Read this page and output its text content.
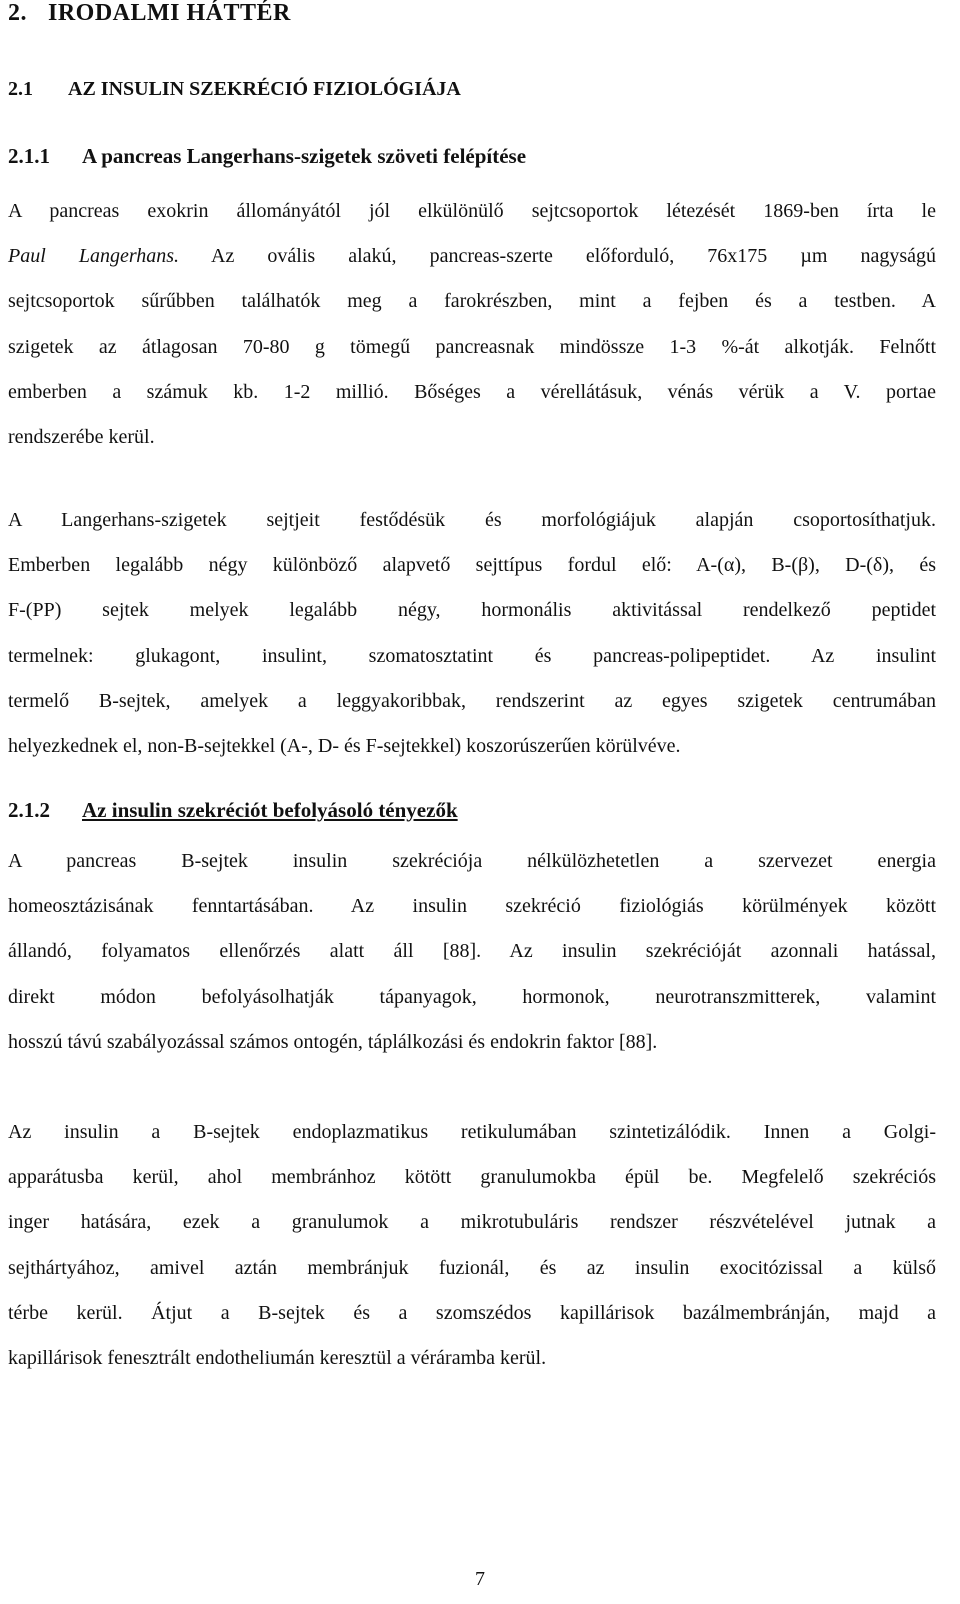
2. IRODALMI HÁTTÉR
2.1 AZ INSULIN SZEKRÉCIÓ FIZIOLÓGIÁJA
2.1.1 A pancreas Langerhans-szigetek szöveti felépítése
A pancreas exokrin állományától jól elkülönülő sejtcsoportok létezését 1869-ben írta le
Paul Langerhans. Az ovális alakú, pancreas-szerte előforduló, 76x175 µm nagyságú
sejtcsoportok sűrűbben találhatók meg a farokrészben, mint a fejben és a testben. A
szigetek az átlagosan 70-80 g tömegű pancreasnak mindössze 1-3 %-át alkotják. Felnőtt
emberben a számuk kb. 1-2 millió. Bőséges a vérellátásuk, vénás vérük a V. portae
rendszerébe kerül.
A Langerhans-szigetek sejtjeit festődésük és morfológiájuk alapján csoportosíthatjuk.
Emberben legalább négy különböző alapvető sejttípus fordul elő: A-(α), B-(β), D-(δ), és
F-(PP) sejtek melyek legalább négy, hormonális aktivitással rendelkező peptidet
termelnek: glukagont, insulint, szomatosztatint és pancreas-polipeptidet. Az insulint
termelő B-sejtek, amelyek a leggyakoribbak, rendszerint az egyes szigetek centrumában
helyezkednek el, non-B-sejtekkel (A-, D- és F-sejtekkel) koszorúszerűen körülvéve.
2.1.2 Az insulin szekréciót befolyásoló tényezők
A pancreas B-sejtek insulin szekréciója nélkülözhetetlen a szervezet energia
homeosztázisának fenntartásában. Az insulin szekréció fiziológiás körülmények között
állandó, folyamatos ellenőrzés alatt áll [88]. Az insulin szekrécióját azonnali hatással,
direkt módon befolyásolhatják tápanyagok, hormonok, neurotranszmitterek, valamint
hosszú távú szabályozással számos ontogén, táplálkozási és endokrin faktor [88].
Az insulin a B-sejtek endoplazmatikus retikulumában szintetizálódik. Innen a Golgi-
apparátusba kerül, ahol membránhoz kötött granulumokba épül be. Megfelelő szekréciós
inger hatására, ezek a granulumok a mikrotubuláris rendszer részvételével jutnak a
sejthártyához, amivel aztán membránjuk fuzionál, és az insulin exocitózissal a külső
térbe kerül. Átjut a B-sejtek és a szomszédos kapillárisok bazálmembránján, majd a
kapillárisok fenesztrált endotheliumán keresztül a véráramba kerül.
7
